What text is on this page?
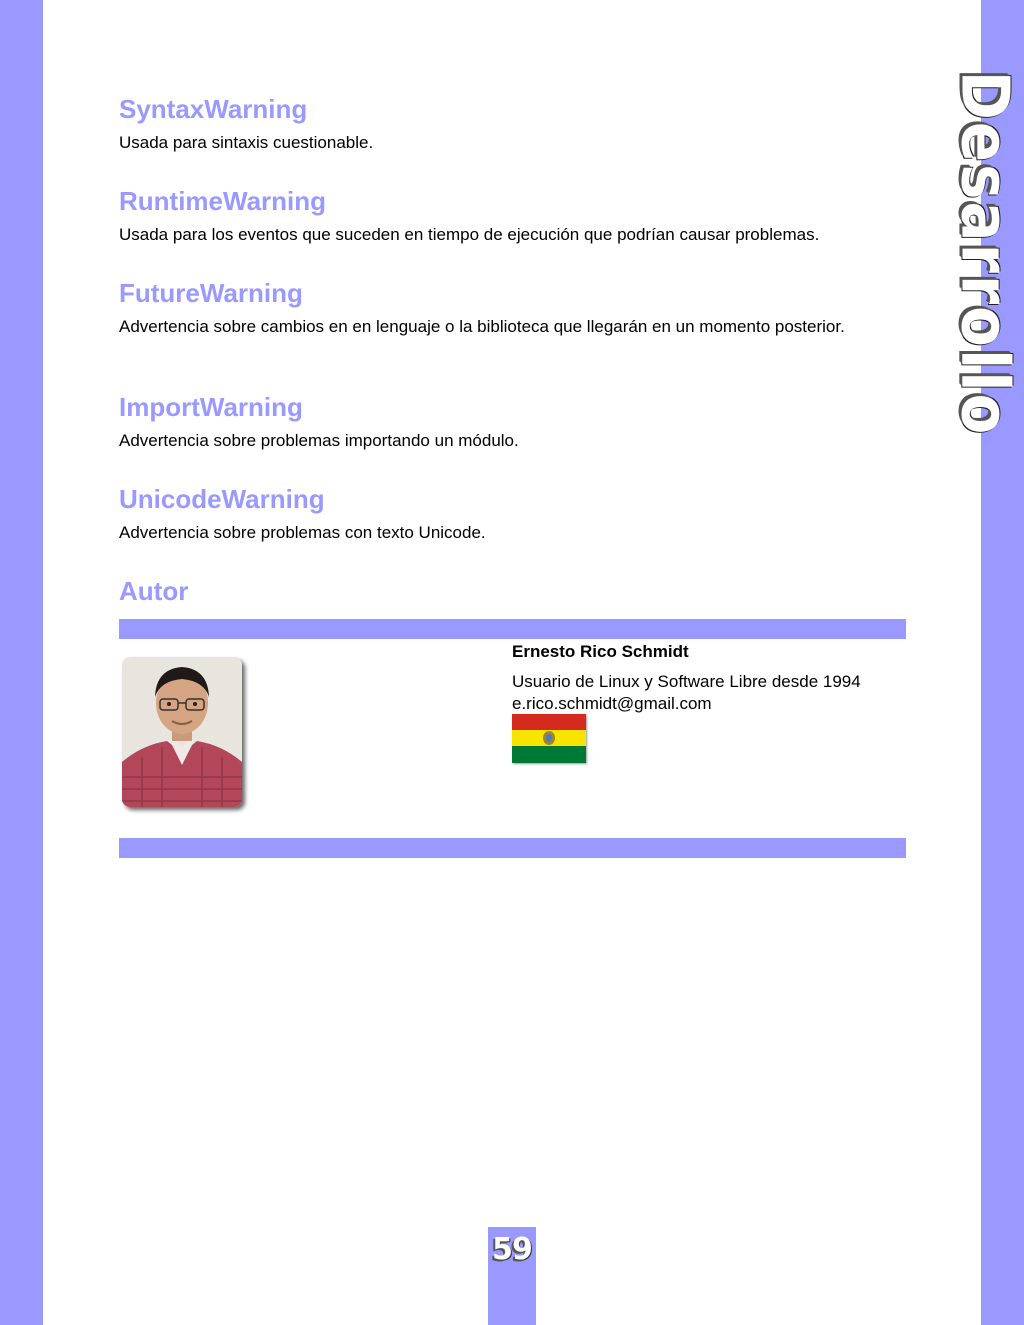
Desarrollo
SyntaxWarning

Usada para sintaxis cuestionable.

RuntimeWarning

Usada para los eventos que suceden en tiempo de ejecución que podrían causar problemas.

FutureWarning

Advertencia sobre cambios en en lenguaje o la biblioteca que llegarán en un momento posterior.

ImportWarning

Advertencia sobre problemas importando un módulo.

UnicodeWarning

Advertencia sobre problemas con texto Unicode.

Autor

Ernesto Rico Schmidt

Usuario de Linux y Software Libre desde 1994

e.rico.schmidt@gmail.com

59
